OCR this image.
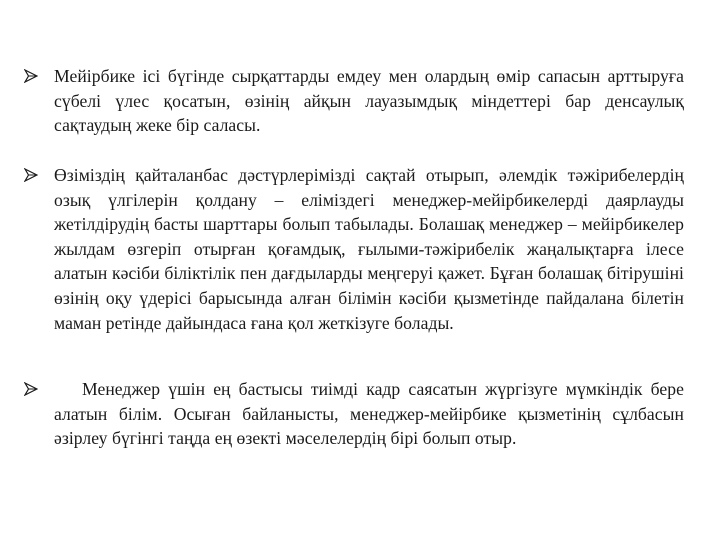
Мейірбике ісі бүгінде сырқаттарды емдеу мен олардың өмір сапасын арттыруға сүбелі үлес қосатын, өзінің айқын лауазымдық міндеттері бар денсаулық сақтаудың жеке бір саласы.
Өзіміздің қайталанбас дәстүрлерімізді сақтай отырып, әлемдік тәжірибелердің озық үлгілерін қолдану – еліміздегі менеджер-мейірбикелерді даярлауды жетілдірудің басты шарттары болып табылады. Болашақ менеджер – мейірбикелер жылдам өзгеріп отырған қоғамдық, ғылыми-тәжірибелік жаңалықтарға ілесе алатын кәсіби біліктілік пен дағдыларды меңгеруі қажет. Бұған болашақ бітірушіні өзінің оқу үдерісі барысында алған білімін кәсіби қызметінде пайдалана білетін маман ретінде дайындаса ғана қол жеткізуге болады.
Менеджер үшін ең бастысы тиімді кадр саясатын жүргізуге мүмкіндік бере алатын білім. Осыған байланысты, менеджер-мейірбике қызметінің сұлбасын әзірлеу бүгінгі таңда ең өзекті мәселелердің бірі болып отыр.
